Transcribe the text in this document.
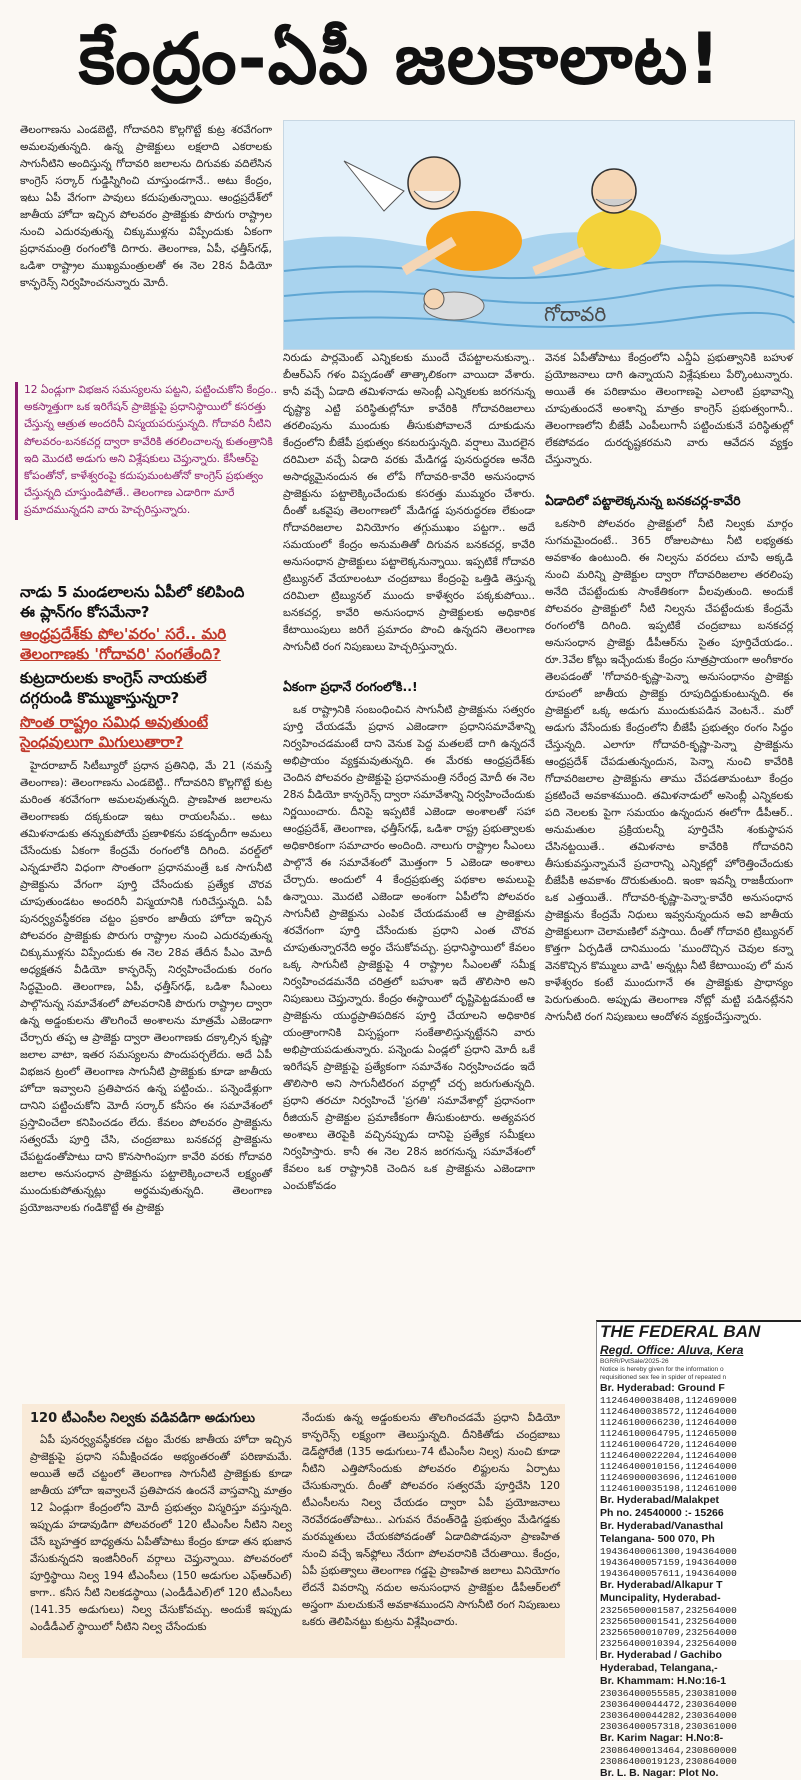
కేంద్రం-ఏపీ జలకాలాట!
గోదావరి

తెలంగాణను ఎండబెట్టి, గోదావరిని కొల్లగొట్టే కుట్ర శరవేగంగా అమలవుతున్నది. ఉన్న ప్రాజెక్టులు లక్షలాది ఎకరాలకు సాగునీటిని అందిస్తున్న గోదావరి జలాలను దిగువకు వదిలేసిన కాంగ్రెస్ సర్కార్ గుడ్డిస్నిగించి చూస్తుండగానే.. అటు కేంద్రం, ఇటు ఏపీ వేగంగా పావులు కదుపుతున్నాయి. ఆంధ్రప్రదేశ్‌లో జాతీయ హోదా ఇచ్చిన పోలవరం ప్రాజెక్టుకు పొరుగు రాష్ట్రాల నుంచి ఎదురవుతున్న చిక్కుముళ్లను విప్పేందుకు ఏకంగా ప్రధానమంత్రి రంగంలోకి దిగారు. తెలంగాణ, ఏపీ, ఛత్తీస్‌గఢ్, ఒడిశా రాష్ట్రాల ముఖ్యమంత్రులతో ఈ నెల 28న వీడియో కాన్ఫరెన్స్ నిర్వహించనున్నారు మోదీ.

12 ఏండ్లుగా విభజన సమస్యలను పట్టని, పట్టించుకోని కేంద్రం.. అకస్మాత్తుగా ఒక ఇరిగేషన్ ప్రాజెక్టుపై ప్రధానిస్థాయిలో కసరత్తు చేస్తున్న ఆత్రుత అందరినీ విస్మయపరుస్తున్నది. గోదావరి నీటిని పోలవరం-బనకచర్ల ద్వారా కావేరికి తరలించాలన్న కుతంత్రానికి ఇది మొదటి అడుగు అని విశ్లేషకులు చెప్తున్నారు. కేసీఆర్‌పై కోపంతోనో, కాళేశ్వరంపై కదుపుమంటతోనో కాంగ్రెస్ ప్రభుత్వం చేస్తున్నది చూస్తుండిపోతే.. తెలంగాణ ఎడారిగా మారే ప్రమాదమున్నదని వారు హెచ్చరిస్తున్నారు.

నాడు 5 మండలాలను ఏపీలో కలిపింది ఈ ప్లాన్‌గం కోసమేనా?
ఆంధ్రప్రదేశ్‌కు పోల'వరం' సరే.. మరి తెలంగాణకు 'గోదావరి' సంగతేంది?
కుట్రదారులకు కాంగ్రెస్ నాయకులే దగ్గరుండి కొమ్ముకాస్తున్నరా?
సొంత రాష్ట్రం సమిధ అవుతుంటే సైంధవులుగా మిగులుతారా?

హైదరాబాద్ సిటీబ్యూరో ప్రధాన ప్రతినిధి, మే 21 (నమస్తే తెలంగాణ): తెలంగాణను ఎండబెట్టి.. గోదావరిని కొల్లగొట్టే కుట్ర మరింత శరవేగంగా అమలవుతున్నది. ప్రాణహిత జలాలను తెలంగాణకు దక్కకుండా ఇటు రాయలసీమ.. అటు తమిళనాడుకు తన్నుకుపోయే ప్రణాళికను పకడ్బందీగా అమలు చేసేందుకు ఏకంగా కేంద్రమే రంగంలోకి దిగింది. వరల్డ్‌లో ఎన్నడూలేని విధంగా సొంతంగా ప్రధానమంత్రే ఒక సాగునీటి ప్రాజెక్టును వేగంగా పూర్తి చేసేందుకు ప్రత్యేక చొరవ చూపుతుండటం అందరినీ విస్మయానికి గురిచేస్తున్నది. ఏపీ పునర్వ్యవస్థీకరణ చట్టం ప్రకారం జాతీయ హోదా ఇచ్చిన పోలవరం ప్రాజెక్టుకు పొరుగు రాష్ట్రాల నుంచి ఎదురవుతున్న చిక్కుముళ్లను విప్పేందుకు ఈ నెల 28వ తేదీన పీఎం మోదీ అధ్యక్షతన వీడియో కాన్ఫరెన్స్ నిర్వహించేందుకు రంగం సిద్ధమైంది. తెలంగాణ, ఏపీ, ఛత్తీస్‌గఢ్, ఒడిశా సీఎంలు పాల్గొనున్న సమావేశంలో పోలవరానికి పొరుగు రాష్ట్రాల ద్వారా ఉన్న అడ్డంకులను తొలగించే అంశాలను మాత్రమే ఎజెండాగా చేర్చారు తప్ప ఆ ప్రాజెక్టు ద్వారా తెలంగాణకు దక్కాల్సిన కృష్ణా జలాల వాటా, ఇతర సమస్యలను పొందుపర్చలేదు. అదే ఏపీ విభజన ట్రంలో తెలంగాణ సాగునీటి ప్రాజెక్టుకు కూడా జాతీయ హోదా ఇవ్వాలని ప్రతిపాదన ఉన్న పట్టించు.. పన్నెండేళ్లుగా దానిని పట్టించుకోని మోదీ సర్కార్ కనీసం ఈ సమావేశంలో ప్రస్తావించేలా కనిపించడం లేదు. కేవలం పోలవరం ప్రాజెక్టును సత్వరమే పూర్తి చేసి, చంద్రబాబు బనకచర్ల ప్రాజెక్టును చేపట్టడంతోపాటు దాని కొనసాగింపుగా కావేరి వరకు గోదావరి జలాల అనుసంధాన ప్రాజెక్టును పట్టాలెక్కించాలనే లక్ష్యంతో ముందుకుపోతున్నట్లు అర్థమవుతున్నది. తెలంగాణ ప్రయోజనాలకు గండికొట్టే ఈ ప్రాజెక్టు

నిరుడు పార్లమెంట్ ఎన్నికలకు ముందే చేపట్టాలనుకున్నా.. బీఆర్ఎస్ గళం విప్పడంతో తాత్కాలికంగా వాయిదా వేశారు. కానీ వచ్చే ఏడాది తమిళనాడు అసెంబ్లీ ఎన్నికలకు జరగనున్న దృష్ట్యా ఎట్టి పరిస్థితుల్లోనూ కావేరికి గోదావరిజలాలు తరలింపును ముందుకు తీసుకుపోవాలనే దూకుడును కేంద్రంలోని బీజేపీ ప్రభుత్వం కనబరుస్తున్నది. వర్షాలు మొదలైన దరిమిలా వచ్చే ఏడాది వరకు మేడిగడ్డ పునరుద్ధరణ అనేది అసాధ్యమైనందున ఈ లోపే గోదావరి-కావేరి అనుసంధాన ప్రాజెక్టును పట్టాలెక్కించేందుకు కసరత్తు ముమ్మరం చేశారు. దీంతో ఒకవైపు తెలంగాణలో మేడిగడ్డ పునరుద్ధరణ లేకుండా గోదావరిజలాల వినియోగం తగ్గుముఖం పట్టగా.. అదే సమయంలో కేంద్రం అనుమతితో దిగువన బనకచర్ల, కావేరి అనుసంధాన ప్రాజెక్టులు పట్టాలెక్కనున్నాయి. ఇప్పటికే గోదావరి ట్రిబ్యునల్ వేయాలంటూ చంద్రబాబు కేంద్రంపై ఒత్తిడి తెస్తున్న దరిమిలా ట్రిబ్యునల్ ముందు కాళేశ్వరం పక్కకుపోయి.. బనకచర్ల, కావేరి అనుసంధాన ప్రాజెక్టులకు అధికారిక కేటాయింపులు జరిగే ప్రమాదం పొంచి ఉన్నదని తెలంగాణ సాగునీటి రంగ నిపుణులు హెచ్చరిస్తున్నారు.

ఏకంగా ప్రధానే రంగంలోకి..!

ఒక రాష్ట్రానికి సంబంధించిన సాగునీటి ప్రాజెక్టును సత్వరం పూర్తి చేయడమే ప్రధాన ఎజెండాగా ప్రధానిసమావేశాన్ని నిర్వహించడమంటే దాని వెనుక పెద్ద మతలబే దాగి ఉన్నదనే అభిప్రాయం వ్యక్తమవుతున్నది. ఈ మేరకు ఆంధ్రప్రదేశ్‌కు చెందిన పోలవరం ప్రాజెక్టుపై ప్రధానమంత్రి నరేంద్ర మోదీ ఈ నెల 28న వీడియో కాన్ఫరెన్స్ ద్వారా సమావేశాన్ని నిర్వహించేందుకు నిర్ణయించారు. దీనిపై ఇప్పటికే ఎజెండా అంశాలతో సహా ఆంధ్రప్రదేశ్, తెలంగాణ, ఛత్తీస్‌గఢ్, ఒడిశా రాష్ట్ర ప్రభుత్వాలకు అధికారికంగా సమాచారం అందింది. నాలుగు రాష్ట్రాల సీఎంలు పాల్గొనే ఈ సమావేశంలో మొత్తంగా 5 ఎజెండా అంశాలు చేర్చారు. అందులో 4 కేంద్రప్రభుత్వ పథకాల అమలుపై ఉన్నాయి. మొదటి ఎజెండా అంశంగా ఏపీలోని పోలవరం సాగునీటి ప్రాజెక్టును ఎంపిక చేయడమంటే ఆ ప్రాజెక్టును శరవేగంగా పూర్తి చేసేందుకు ప్రధాని ఎంత చొరవ చూపుతున్నారనేది అర్థం చేసుకోవచ్చు. ప్రధానిస్థాయిలో కేవలం ఒక్క సాగునీటి ప్రాజెక్టుపై 4 రాష్ట్రాల సీఎంలతో సమీక్ష నిర్వహించడమనేది చరిత్రలో బహుశా ఇదే తొలిసారి అని నిపుణులు చెప్తున్నారు. కేంద్రం ఈస్థాయిలో దృష్టిపెట్టడమంటే ఆ ప్రాజెక్టును యుద్ధప్రాతిపదికన పూర్తి చేయాలని అధికారిక యంత్రాంగానికి విస్పష్టంగా సంకేతాలిస్తున్నట్టేనని వారు అభిప్రాయపడుతున్నారు. పన్నెండు ఏండ్లలో ప్రధాని మోదీ ఒకే ఇరిగేషన్ ప్రాజెక్టుపై ప్రత్యేకంగా సమావేశం నిర్వహించడం ఇదే తొలిసారి అని సాగునీటిరంగ వర్గాల్లో చర్చ జరుగుతున్నది. ప్రధాని తరచూ నిర్వహించే 'ప్రగతి' సమావేశాల్లో ప్రధానంగా రీజియన్ ప్రాజెక్టుల ప్రమాణీకంగా తీసుకుంటారు. అత్యవసర అంశాలు తెరపైకి వచ్చినప్పుడు దానిపై ప్రత్యేక సమీక్షలు నిర్వహిస్తారు. కానీ ఈ నెల 28న జరగనున్న సమావేశంలో కేవలం ఒక రాష్ట్రానికి చెందిన ఒక ప్రాజెక్టును ఎజెండాగా ఎంచుకోవడం

వెనక ఏపీతోపాటు కేంద్రంలోని ఎన్డీఏ ప్రభుత్వానికి బహుళ ప్రయోజనాలు దాగి ఉన్నాయని విశ్లేషకులు పేర్కొంటున్నారు. అయితే ఈ పరిణామం తెలంగాణపై ఎలాంటి ప్రభావాన్ని చూపుతుందనే అంశాన్ని మాత్రం కాంగ్రెస్ ప్రభుత్వంగానీ.. తెలంగాణలోని బీజేపీ ఎంపీలుగానీ పట్టించుకునే పరిస్థితుల్లో లేకపోవడం దురదృష్టకరమని వారు ఆవేదన వ్యక్తం చేస్తున్నారు.

ఏడాదిలో పట్టాలెక్కనున్న బనకచర్ల-కావేరి

ఒకసారి పోలవరం ప్రాజెక్టులో నీటి నిల్వకు మార్గం సుగమమైందంటే.. 365 రోజులపాటు నీటి లభ్యతకు అవకాశం ఉంటుంది. ఈ నిల్వను వరదలు చూపి అక్కడి నుంచి మరిన్ని ప్రాజెక్టుల ద్వారా గోదావరిజలాల తరలింపు అనేది చేపట్టేందుకు సాంకేతికంగా వీలవుతుంది. అందుకే పోలవరం ప్రాజెక్టులో నీటి నిల్వను చేపట్టేందుకు కేంద్రమే రంగంలోకి దిగింది. ఇప్పటికే చంద్రబాబు బనకచర్ల అనుసంధాన ప్రాజెక్టు డీపీఆర్‌ను సైతం పూర్తిచేయడం.. రూ.3వేల కోట్లు ఇచ్చేందుకు కేంద్రం సూత్రప్రాయంగా అంగీకారం తెలపడంతో 'గోదావరి-కృష్ణా-పెన్నా అనుసంధానం ప్రాజెక్టు రూపంలో జాతీయ ప్రాజెక్టు రూపుదిద్దుకుంటున్నది. ఈ ప్రాజెక్టులో ఒక్క అడుగు ముందుకుపడిన వెంటనే.. మరో అడుగు వేసేందుకు కేంద్రంలోని బీజేపీ ప్రభుత్వం రంగం సిద్ధం చేస్తున్నది. ఎలాగూ గోదావరి-కృష్ణా-పెన్నా ప్రాజెక్టును ఆంధ్రప్రదేశ్ చేపడుతున్నందున, పెన్నా నుంచి కావేరికి గోదావరిజలాల ప్రాజెక్టును తాము చేపడతామంటూ కేంద్రం ప్రకటించే అవకాశముంది. తమిళనాడులో అసెంబ్లీ ఎన్నికలకు పది నెలలకు పైగా సమయం ఉన్నందున ఈలోగా డీపీఆర్.. అనుమతుల ప్రక్రియలన్నీ పూర్తిచేసి శంకుస్థాపన చేసినట్టయితే.. తమిళనాట కావేరికి గోదావరిని తీసుకువస్తున్నామనే ప్రచారాన్ని ఎన్నికల్లో హోరెత్తించేందుకు బీజేపీకి అవకాశం దొరుకుతుంది. ఇంకా ఇవన్నీ రాజకీయంగా ఒక ఎత్తయితే.. గోదావరి-కృష్ణా-పెన్నా-కావేరి అనుసంధాన ప్రాజెక్టును కేంద్రమే నిధులు ఇవ్వనున్నందున అవి జాతీయ ప్రాజెక్టులుగా చెలామణిలో వస్తాయి. దీంతో గోదావరి ట్రిబ్యునల్ కొత్తగా ఏర్పడితే దానిముందు 'ముందొచ్చిన చెవుల కన్నా వెనకొచ్చిన కొమ్ములు వాడి' అన్నట్లు నీటి కేటాయింపు లో మన కాళేశ్వరం కంటే ముందుగానే ఈ ప్రాజెక్టుకు ప్రాధాన్యం పెరుగుతుంది. అప్పుడు తెలంగాణ నోట్లో మట్టి పడినట్లేనని సాగునీటి రంగ నిపుణులు ఆందోళన వ్యక్తంచేస్తున్నారు.

120 టీఎంసీల నిల్వకు వడివడిగా అడుగులు

ఏపీ పునర్వ్యవస్థీకరణ చట్టం మేరకు జాతీయ హోదా ఇచ్చిన ప్రాజెక్టుపై ప్రధాని సమీక్షించడం అభ్యంతరంతో పరిణామమే. అయితే అదే చట్టంలో తెలంగాణ సాగునీటి ప్రాజెక్టుకు కూడా జాతీయ హోదా ఇవ్వాలనే ప్రతిపాదన ఉందనే వాస్తవాన్ని మాత్రం 12 ఏండ్లుగా కేంద్రంలోని మోదీ ప్రభుత్వం విస్మరిస్తూ వస్తున్నది. ఇప్పుడు హడావుడిగా పోలవరంలో 120 టీఎంసీల నీటిని నిల్వ చేసే బృహత్తర బాధ్యతను ఏపీతోపాటు కేంద్రం కూడా తన భుజాన వేసుకున్నదని ఇంజినీరింగ్ వర్గాలు చెప్తున్నాయి. పోలవరంలో పూర్తిస్థాయి నిల్వ 194 టీఎంసీలు (150 అడుగుల ఎఫ్ఆర్ఎల్) కాగా.. కనీస నీటి నిలకడస్థాయి (ఎండీడీఎల్)లో 120 టీఎంసీలు (141.35 అడుగులు) నిల్వ చేసుకోవచ్చు. అందుకే ఇప్పుడు ఎండీడీఎల్ స్థాయిలో నీటిని నిల్వ చేసేందుకు

నేందుకు ఉన్న అడ్డంకులను తొలగించడమే ప్రధాని వీడియో కాన్ఫరెన్స్ లక్ష్యంగా తెలుస్తున్నది. దీనికితోడు చంద్రబాబు డెడ్‌స్టోరేజీ (135 అడుగులు-74 టీఎంసీల నిల్వ) నుంచి కూడా నీటిని ఎత్తిపోసేందుకు పోలవరం లిఫ్టులను ఏర్పాటు చేసుకున్నారు. దీంతో పోలవరం సత్వరమే పూర్తిచేసి 120 టీఎంసీలను నిల్వ చేయడం ద్వారా ఏపీ ప్రయోజనాలు నెరవేరడంతోపాటు.. ఎగువన రేవంత్‌రెడ్డి ప్రభుత్వం మేడిగడ్డకు మరమ్మతులు చేయకపోవడంతో ఏడాదిపొడవునా ప్రాణహిత నుంచి వచ్చే ఇన్‌ఫ్లోలు నేరుగా పోలవరానికి చేరుతాయి. కేంద్రం, ఏపీ ప్రభుత్వాలు తెలంగాణ గడ్డపై ప్రాణహిత జలాలు వినియోగం లేదనే వివరాన్ని నదుల అనుసంధాన ప్రాజెక్టుల డీపీఆర్‌లలో అస్త్రంగా మలచుకునే అవకాశముందని సాగునీటి రంగ నిపుణులు ఒకరు తెలిపినట్టు కుట్రను విశ్లేషించారు.

THE FEDERAL BAN
Regd. Office: Aluva, Kera
BGRR/PvtSale/2025-26
Notice is hereby given for the information o
requisitioned sex fee in spider of repeated n
Br. Hyderabad: Ground F
11246400038408,112469000
11246400038572,112464000
11246100066230,112464000
11246100064795,112465000
11246100064720,112464000
11246400022204,112464000
11246400010156,112464000
11246900003696,112461000
11246100035198,112461000
Br. Hyderabad/Malakpet
Ph no. 24540000 :- 15266
Br. Hyderabad/Vanasthal
Telangana- 500 070, Ph
19436400061300,194364000
19436400057159,194364000
19436400057611,194364000
Br. Hyderabad/Alkapur T
Muncipality, Hyderabad-
23256500001587,232564000
23256500001541,232564000
23256500010709,232564000
23256400010394,232564000
Br. Hyderabad / Gachibo
Hyderabad, Telangana,-
Br. Khammam: H.No:16-1
23036400055585,230381000
23036400044472,230364000
23036400044282,230364000
23036400057318,230361000
Br. Karim Nagar: H.No:8-
23086400013464,230860000
23086400019123,230864000
Br. L. B. Nagar: Plot No.
